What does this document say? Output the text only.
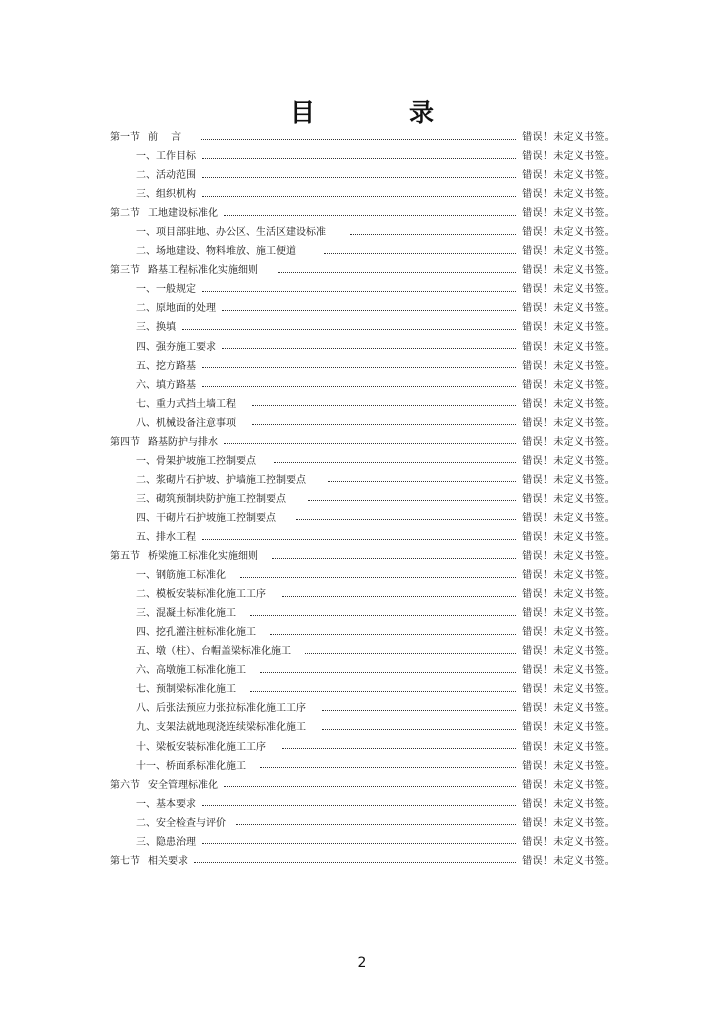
目	录
第一节 前　 言	错误！未定义书签。
一、 工作目标	错误！未定义书签。
二、 活动范围	错误！未定义书签。
三、 组织机构	错误！未定义书签。
第二节 工地建设标准化	错误！未定义书签。
一、 项目部驻地、办公区、生活区建设标准	错误！未定义书签。
二、 场地建设、物料堆放、施工便道	错误！未定义书签。
第三节 路基工程标准化实施细则	错误！未定义书签。
一、 一般规定	错误！未定义书签。
二、 原地面的处理	错误！未定义书签。
三、 换填	错误！未定义书签。
四、 强夯施工要求	错误！未定义书签。
五、 挖方路基	错误！未定义书签。
六、 填方路基	错误！未定义书签。
七、 重力式挡土墙工程	错误！未定义书签。
八、 机械设备注意事项	错误！未定义书签。
第四节 路基防护与排水	错误！未定义书签。
一、 骨架护坡施工控制要点	错误！未定义书签。
二、 浆砌片石护坡、护墙施工控制要点	错误！未定义书签。
三、 砌筑预制块防护施工控制要点	错误！未定义书签。
四、 干砌片石护坡施工控制要点	错误！未定义书签。
五、 排水工程	错误！未定义书签。
第五节 桥梁施工标准化实施细则	错误！未定义书签。
一、 钢筋施工标准化	错误！未定义书签。
二、 模板安装标准化施工工序	错误！未定义书签。
三、 混凝土标准化施工	错误！未定义书签。
四、 挖孔灌注桩标准化施工	错误！未定义书签。
五、 墩（柱）、台帽盖梁标准化施工	错误！未定义书签。
六、 高墩施工标准化施工	错误！未定义书签。
七、 预制梁标准化施工	错误！未定义书签。
八、 后张法预应力张拉标准化施工工序	错误！未定义书签。
九、 支架法就地现浇连续梁标准化施工	错误！未定义书签。
十、 梁板安装标准化施工工序	错误！未定义书签。
十一、 桥面系标准化施工	错误！未定义书签。
第六节 安全管理标准化	错误！未定义书签。
一、 基本要求	错误！未定义书签。
二、 安全检查与评价	错误！未定义书签。
三、 隐患治理	错误！未定义书签。
第七节 相关要求	错误！未定义书签。
2
